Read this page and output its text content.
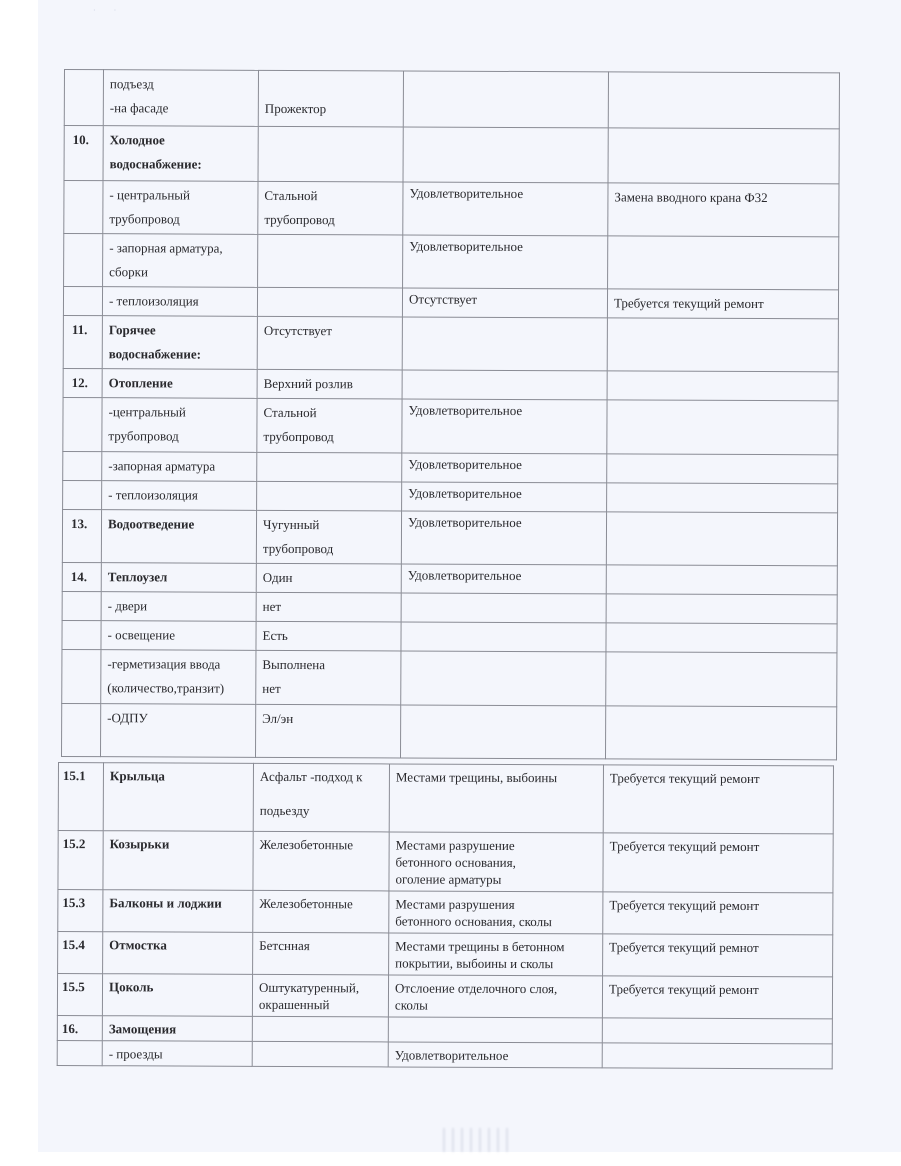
· ·

	подъезд
-на фасаде	Прожектор		

10.	Холодное
водоснабжение:			

	- центральный
трубопровод	Стальной
трубопровод	Удовлетворительное	Замена вводного крана Ф32

	- запорная арматура,
сборки		Удовлетворительное	

	- теплоизоляция		Отсутствует	Требуется текущий ремонт

11.	Горячее
водоснабжение:	Отсутствует		

12.	Отопление	Верхний розлив		

	-центральный
трубопровод	Стальной
трубопровод	Удовлетворительное	

	-запорная арматура		Удовлетворительное	

	- теплоизоляция		Удовлетворительное	

13.	Водоотведение	Чугунный
трубопровод	Удовлетворительное	

14.	Теплоузел	Один	Удовлетворительное	

	- двери	нет		

	- освещение	Есть		

	-герметизация ввода
(количество,транзит)	Выполнена
нет		

	-ОДПУ	Эл/эн		

15.1	Крыльца	Асфальт -подход к

подьезду	Местами трещины, выбоины	Требуется текущий ремонт

15.2	Козырьки	Железобетонные	Местами разрушение
бетонного основания,
оголение арматуры	Требуется текущий ремонт

15.3	Балконы и лоджии	Железобетонные	Местами разрушения
бетонного основания, сколы	Требуется текущий ремонт

15.4	Отмостка	Бетснная	Местами трещины в бетонном
покрытии, выбоины и сколы	Требуется текущий ремнот

15.5	Цоколь	Оштукатуренный,
окрашенный	Отслоение отделочного слоя,
сколы	Требуется текущий ремонт

16.	Замощения			

	- проезды		Удовлетворительное	
